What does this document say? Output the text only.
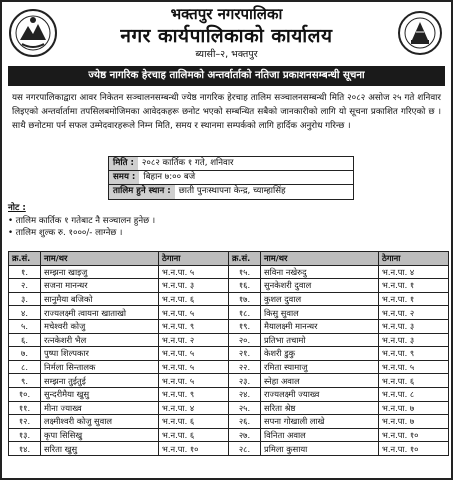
भक्तपुर नगरपालिका
नगर कार्यपालिकाको कार्यालय
ब्यासी–२, भक्तपुर
ज्येष्ठ नागरिक हेरचाह तालिमको अन्तर्वार्ताको नतिजा प्रकाशनसम्बन्धी सूचना

यस नगरपालिकाद्वारा आवर निकेतन सञ्चालनसम्बन्धी ज्येष्ठ नागरिक हेरचाह तालिम सञ्चालनसम्बन्धी मिति २०८२ असोज २५ गते शनिवार लिइएको अन्तर्वार्तामा तपसिलबमोजिमका आवेदकहरू छनोट भएको सम्बन्धित सबैको जानकारीको लागि यो सूचना प्रकाशित गरिएको छ । साथै छनोटमा पर्न सफल उम्मेदवारहरूले निम्न मिति, समय र स्थानमा सम्पर्कको लागि हार्दिक अनुरोध गरिन्छ ।

मिति : २०८२ कार्तिक १ गते, शनिवार
समय : बिहान ७:०० बजे
तालिम हुने स्थान : छाती पुनःस्थापना केन्द्र, च्याम्हासिंह
नोट :
• तालिम कार्तिक १ गतेबाट नै सञ्चालन हुनेछ ।
• तालिम शुल्क रु. १०००/- लाग्नेछ ।
क्र.सं.	नाम/थर	ठेगाना	क्र.सं.	नाम/थर	ठेगाना
१.	सम्झना खाइजु	भ.न.पा. ५	१५.	सविना नखेरुदु	भ.न.पा. ४
२.	सजना मानन्धर	भ.न.पा. ३	१६.	सुनकेशरी दुवाल	भ.न.पा. १
३.	सानुमैया बजिको	भ.न.पा. ६	१७.	कुशल दुवाल	भ.न.पा. १
४.	राज्यलक्ष्मी त्वायना खाताखो	भ.न.पा. ५	१८.	किसु सुवाल	भ.न.पा. २
५.	मचेश्वरी कोजु	भ.न.पा. ९	१९.	मैयालक्ष्मी मानन्धर	भ.न.पा. ३
६.	रत्नकेशरी भैल	भ.न.पा. २	२०.	प्रतिभा तचामो	भ.न.पा. ३
७.	पुष्पा शिल्पकार	भ.न.पा. ५	२१.	केशरी डुकु	भ.न.पा. ९
८.	निर्मला सिन्तालक	भ.न.पा. ५	२२.	रमिता स्यामाजु	भ.न.पा. ५
९.	सम्झना तुईतुई	भ.न.पा. ५	२३.	स्नेहा अवाल	भ.न.पा. ६
१०.	सुन्दरीमैया खुसु	भ.न.पा. ९	२४.	राज्यलक्ष्मी ज्याख्व	भ.न.पा. ८
११.	मीना ज्याख्व	भ.न.पा. ४	२५.	सरिता श्रेष्ठ	भ.न.पा. ७
१२.	लक्ष्मीश्वरी कोजु सुवाल	भ.न.पा. ६	२६.	सपना गोखाली लाखे	भ.न.पा. ७
१३.	कृपा सिसिखु	भ.न.पा. ६	२७.	विनिता अवाल	भ.न.पा. १०
१४.	सरिता खुसु	भ.न.पा. १०	२८.	प्रमिला कुसाया	भ.न.पा. १०
